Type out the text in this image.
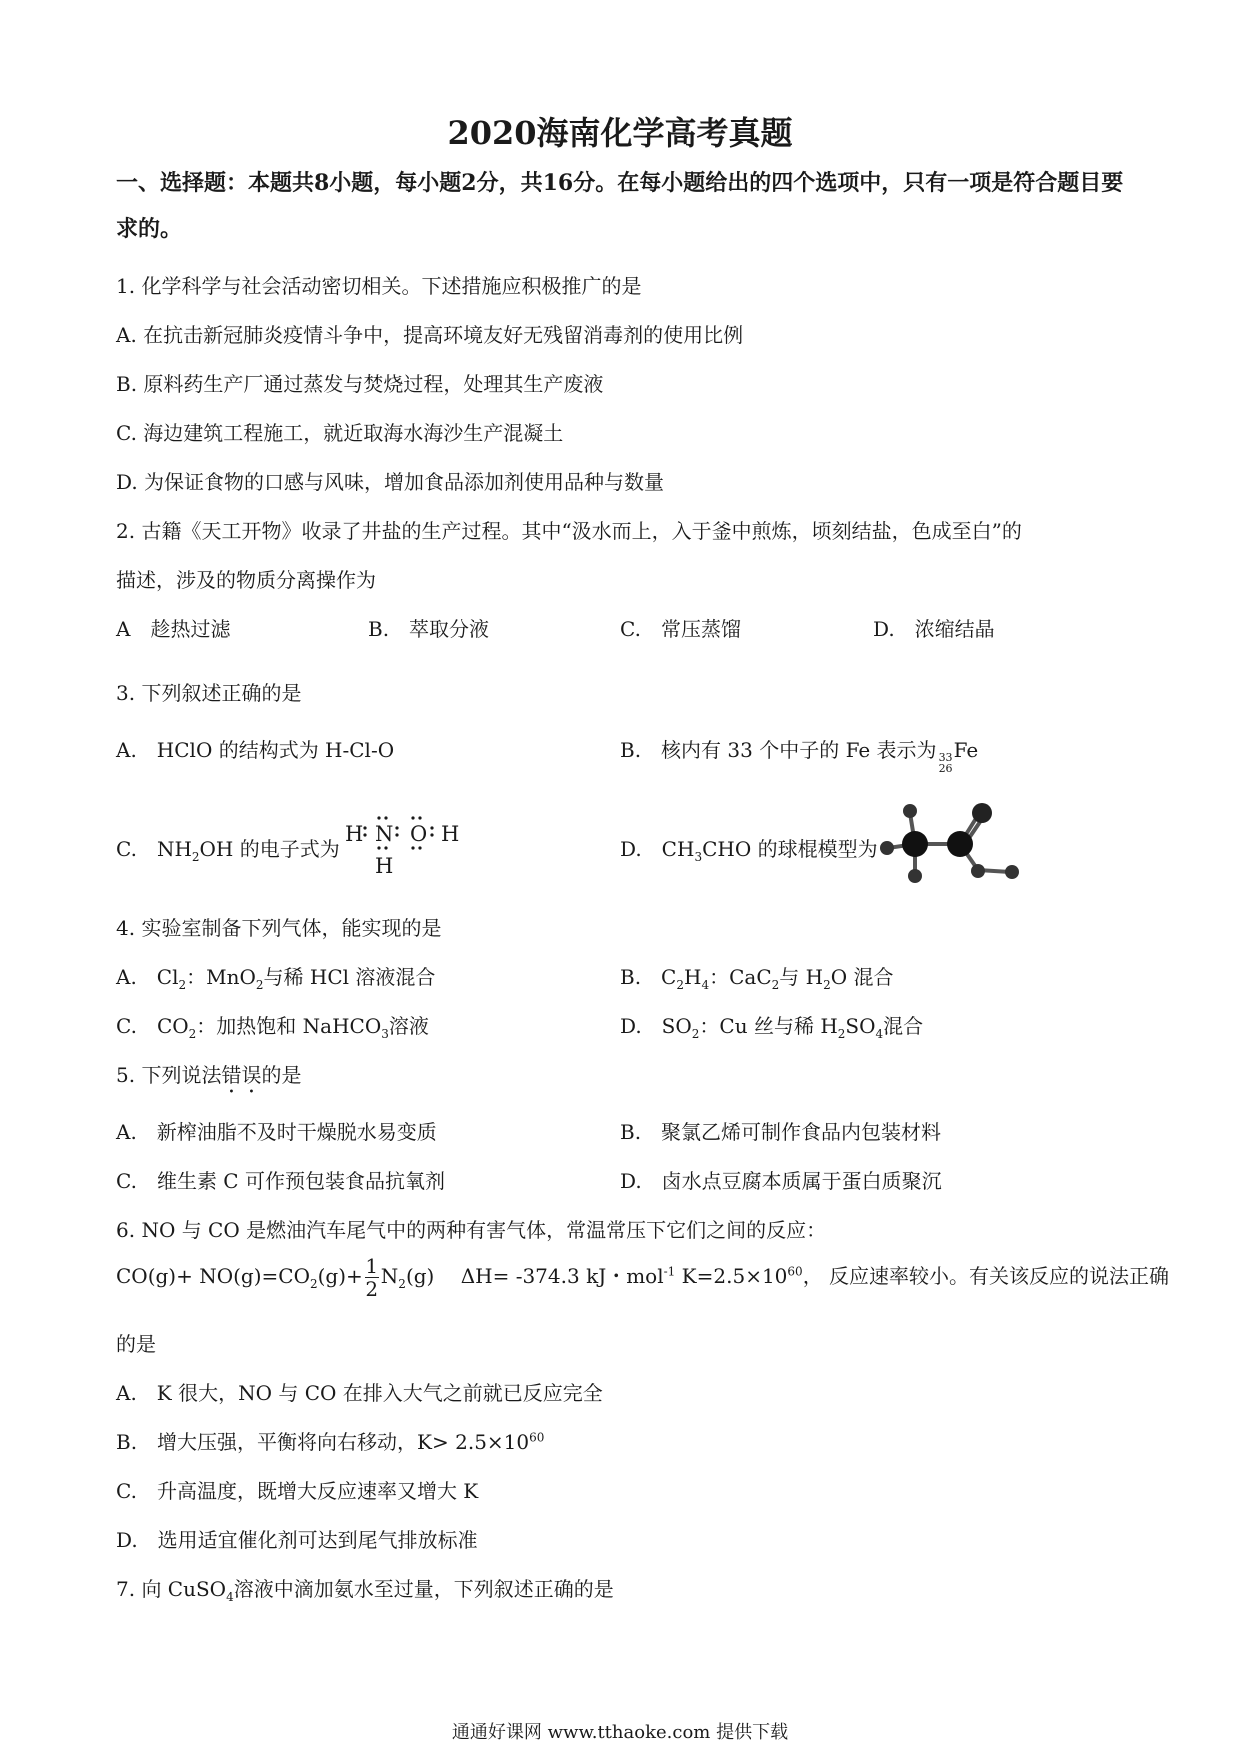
2020海南化学高考真题
一、选择题：本题共8小题，每小题2分，共16分。在每小题给出的四个选项中，只有一项是符合题目要求的。
1. 化学科学与社会活动密切相关。下述措施应积极推广的是
A. 在抗击新冠肺炎疫情斗争中，提高环境友好无残留消毒剂的使用比例
B. 原料药生产厂通过蒸发与焚烧过程，处理其生产废液
C. 海边建筑工程施工，就近取海水海沙生产混凝土
D. 为保证食物的口感与风味，增加食品添加剂使用品种与数量
2. 古籍《天工开物》收录了井盐的生产过程。其中“汲水而上，入于釜中煎炼，顷刻结盐，色成至白”的
描述，涉及的物质分离操作为
A　趁热过滤	B.　萃取分液	C.　常压蒸馏	D.　浓缩结晶
3. 下列叙述正确的是
A.　HClO 的结构式为 H-Cl-O	B.　核内有 33 个中子的 Fe 表示为 33
26
Fe
C.　$NH_2OH$ 的电子式为
H N O H
H
D.　$CH_3CHO$ 的球棍模型为
4. 实验室制备下列气体，能实现的是
A.　$Cl_2$：MnO$_2$与稀 HCl 溶液混合	B.　$C_2H_4$：CaC$_2$与 $H_2O$ 混合
C.　$CO_2$：加热饱和 NaHCO$_3$溶液	D.　$SO_2$：Cu 丝与稀 $H_2SO_4$混合
5. 下列说法错误的是
A.　新榨油脂不及时干燥脱水易变质	B.　聚氯乙烯可制作食品内包装材料
C.　维生素 C 可作预包装食品抗氧剂	D.　卤水点豆腐本质属于蛋白质聚沉
6. NO 与 CO 是燃油汽车尾气中的两种有害气体，常温常压下它们之间的反应：
$CO(g)+ NO(g)=CO_2(g)+ \frac{1}{2} N_2(g)$　 ΔH= -374.3 kJ・mol$^{-1}$ $K=2.5\times 10^{60}$， 反应速率较小。有关该反应的说法正确
的是
A.　K 很大，NO 与 CO 在排入大气之前就已反应完全
B.　增大压强，平衡将向右移动，$K> 2.5\times 10^{60}$
C.　升高温度，既增大反应速率又增大 K
D.　选用适宜催化剂可达到尾气排放标准
7. 向 CuSO$_4$溶液中滴加氨水至过量，下列叙述正确的是
通通好课网 www.tthaoke.com 提供下载
